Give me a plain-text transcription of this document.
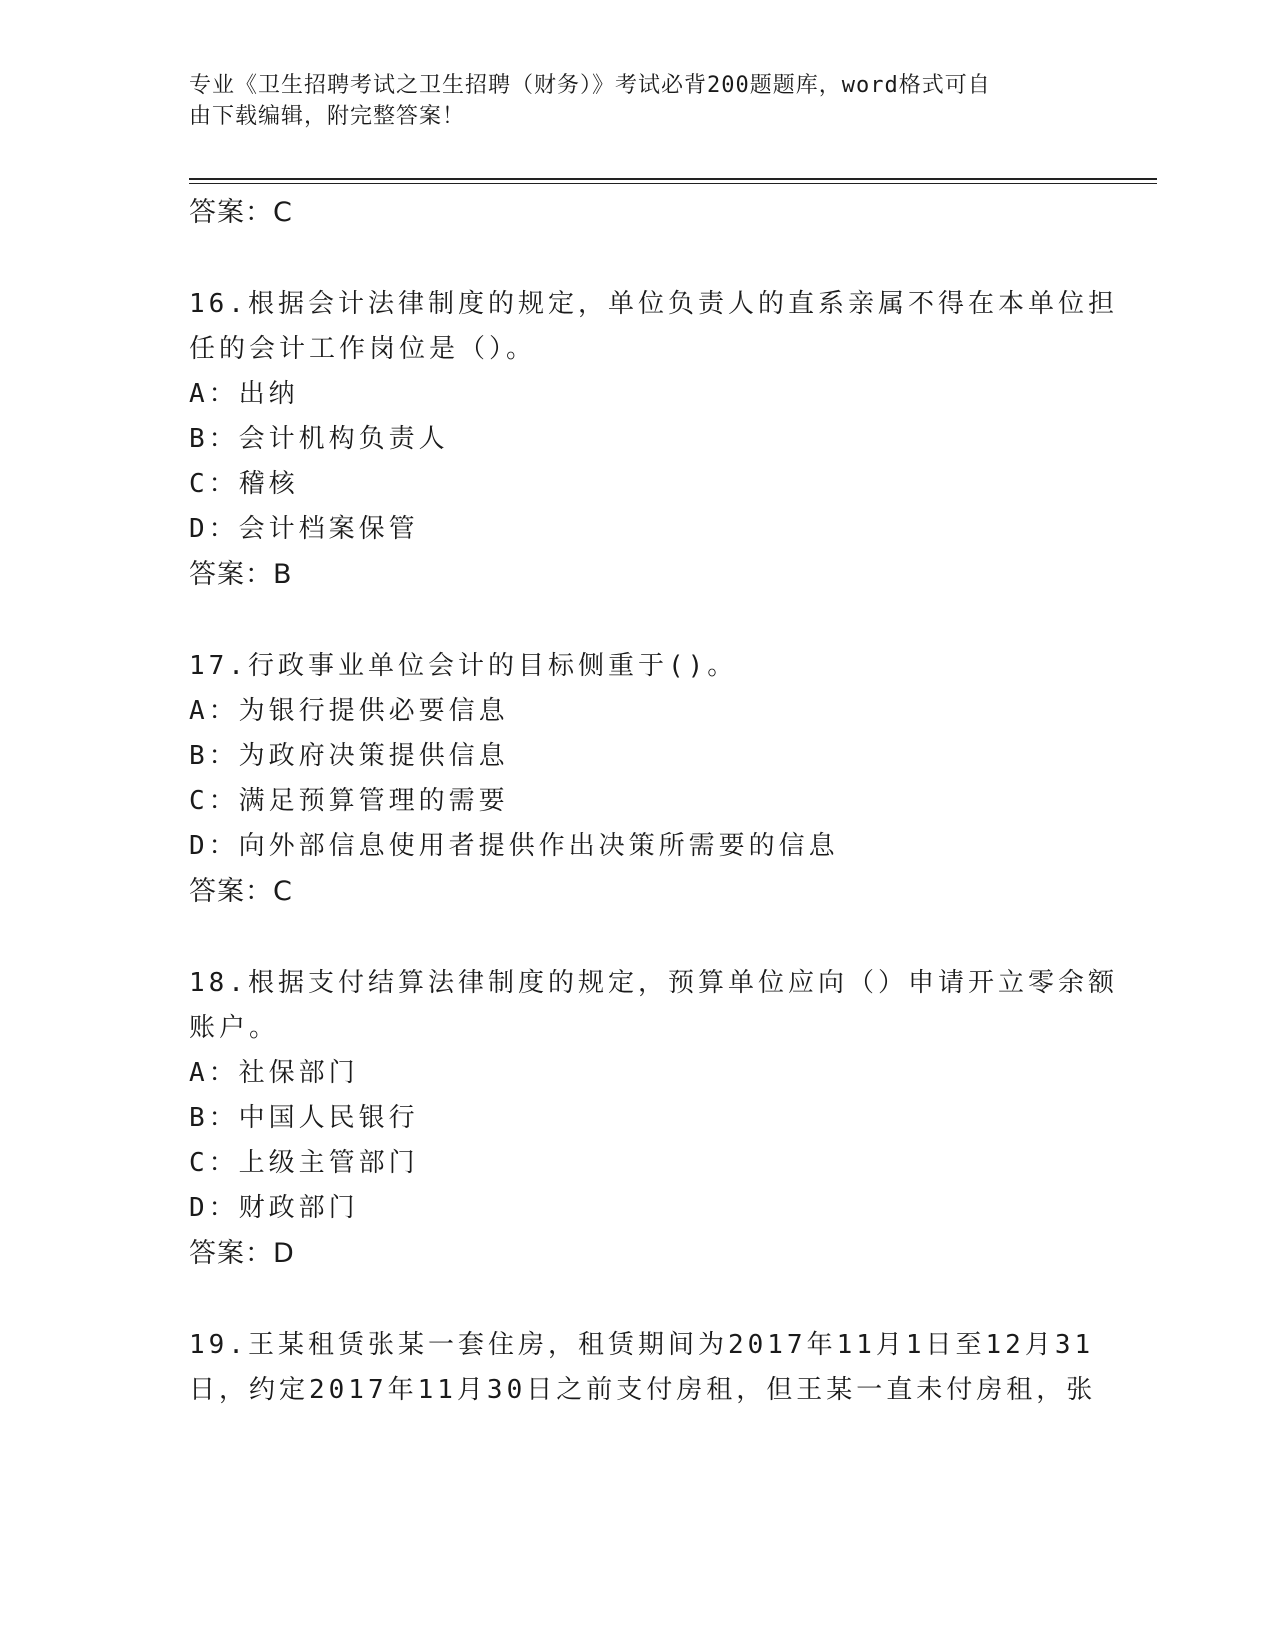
专业《卫生招聘考试之卫生招聘（财务）》考试必背200题题库，word格式可自
由下载编辑，附完整答案！
答案：C
16.根据会计法律制度的规定，单位负责人的直系亲属不得在本单位担
任的会计工作岗位是（）。
A：出纳
B：会计机构负责人
C：稽核
D：会计档案保管
答案：B
17.行政事业单位会计的目标侧重于()。
A：为银行提供必要信息
B：为政府决策提供信息
C：满足预算管理的需要
D：向外部信息使用者提供作出决策所需要的信息
答案：C
18.根据支付结算法律制度的规定，预算单位应向（）申请开立零余额
账户。
A：社保部门
B：中国人民银行
C：上级主管部门
D：财政部门
答案：D
19.王某租赁张某一套住房，租赁期间为2017年11月1日至12月31
日，约定2017年11月30日之前支付房租，但王某一直未付房租，张
